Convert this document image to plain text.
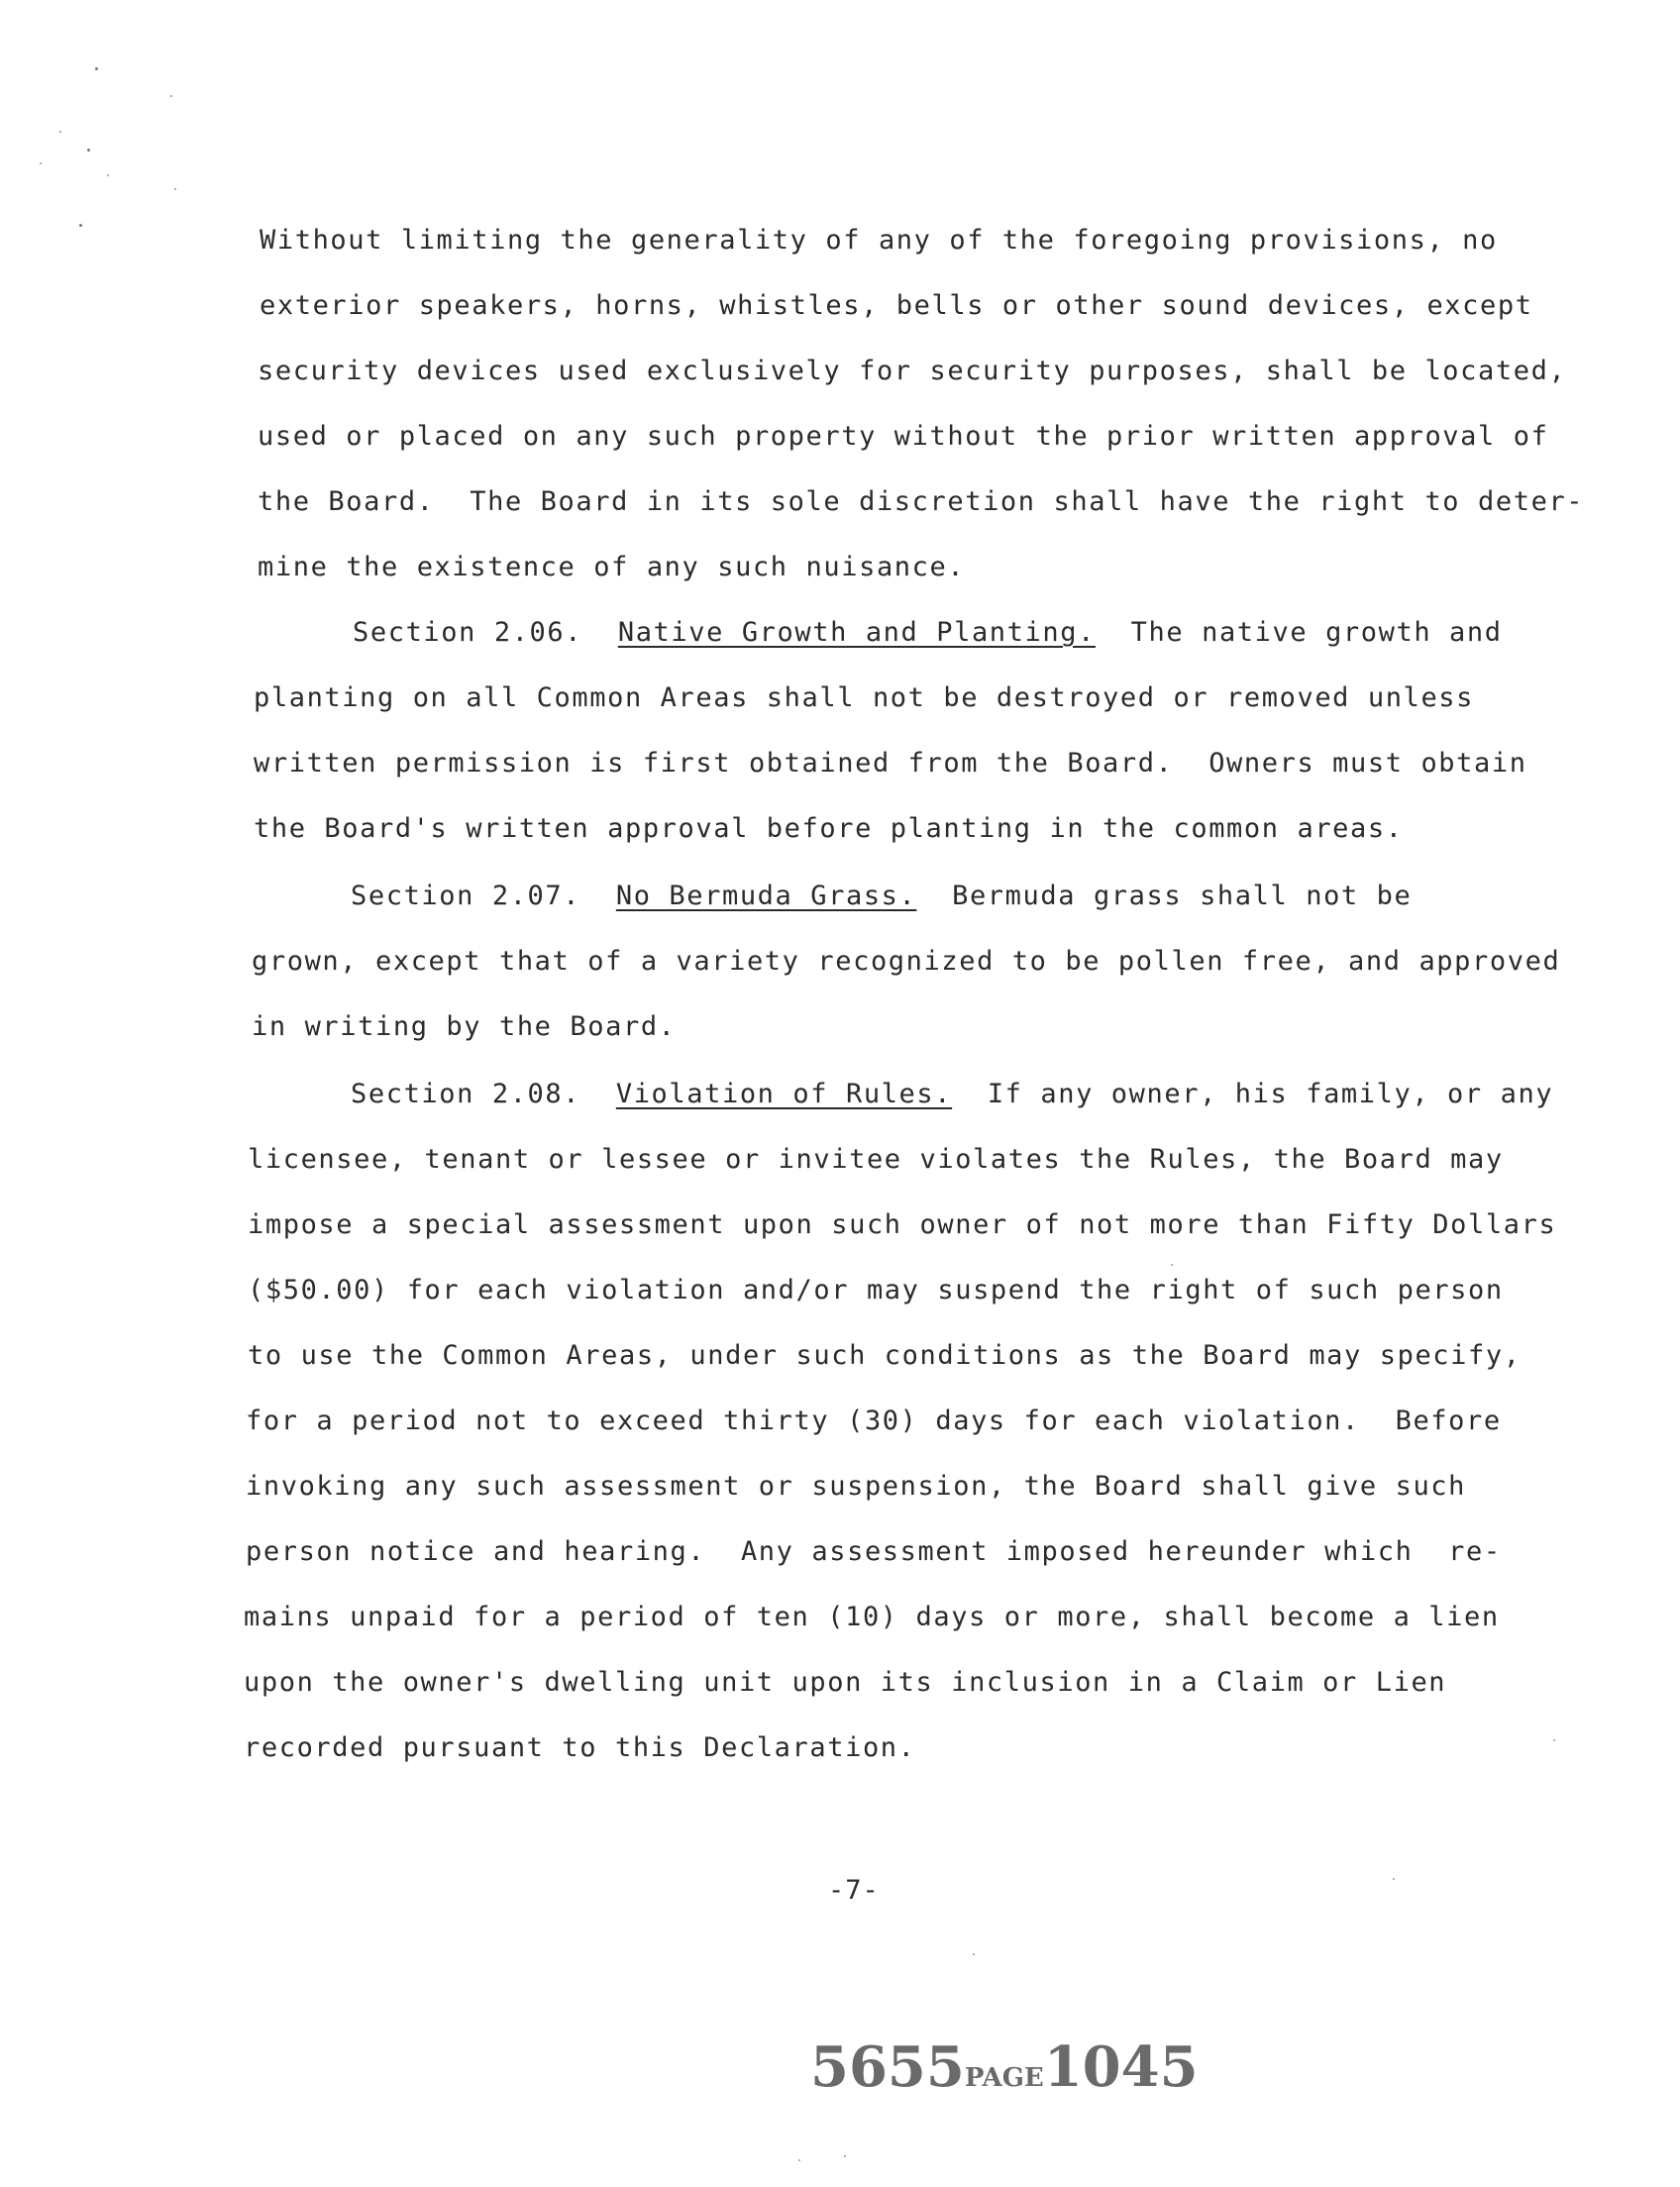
Without limiting the generality of any of the foregoing provisions, no
exterior speakers, horns, whistles, bells or other sound devices, except
security devices used exclusively for security purposes, shall be located,
used or placed on any such property without the prior written approval of
the Board.  The Board in its sole discretion shall have the right to deter-
mine the existence of any such nuisance.
Section 2.06.  Native Growth and Planting.  The native growth and
planting on all Common Areas shall not be destroyed or removed unless
written permission is first obtained from the Board.  Owners must obtain
the Board's written approval before planting in the common areas.
Section 2.07.  No Bermuda Grass.  Bermuda grass shall not be
grown, except that of a variety recognized to be pollen free, and approved
in writing by the Board.
Section 2.08.  Violation of Rules.  If any owner, his family, or any
licensee, tenant or lessee or invitee violates the Rules, the Board may
impose a special assessment upon such owner of not more than Fifty Dollars
($50.00) for each violation and/or may suspend the right of such person
to use the Common Areas, under such conditions as the Board may specify,
for a period not to exceed thirty (30) days for each violation.  Before
invoking any such assessment or suspension, the Board shall give such
person notice and hearing.  Any assessment imposed hereunder which  re-
mains unpaid for a period of ten (10) days or more, shall become a lien
upon the owner's dwelling unit upon its inclusion in a Claim or Lien
recorded pursuant to this Declaration.
-7-
5655PAGE1045
